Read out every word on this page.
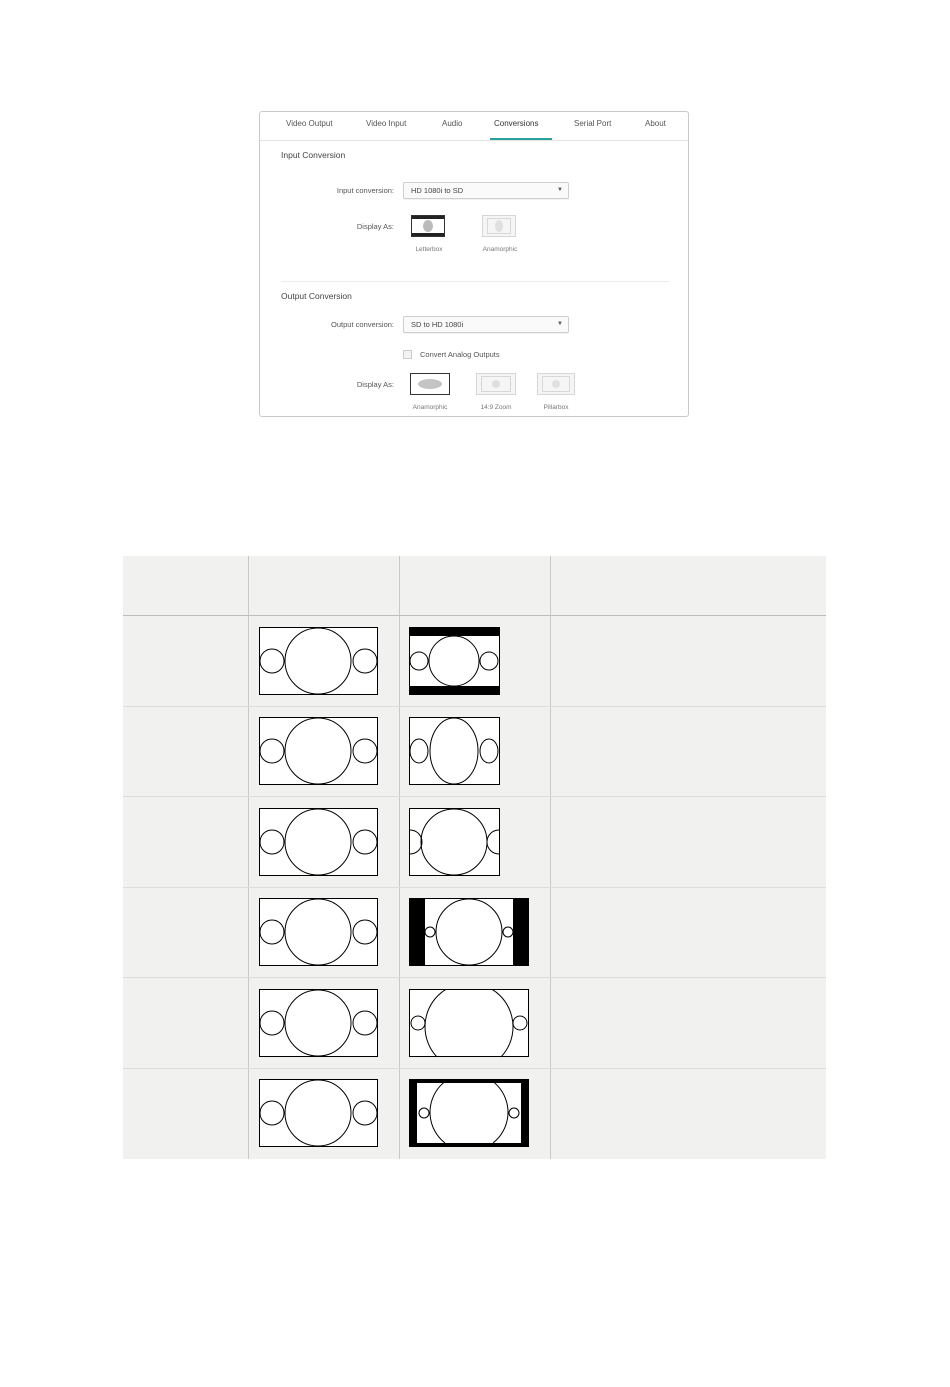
Video Output	Video Input	Audio	Conversions	Serial Port	About
Input Conversion
Input conversion: HD 1080i to SD	▼
Display As:
Letterbox	Anamorphic
Output Conversion
Output conversion: SD to HD 1080i	▼
Convert Analog Outputs
Display As:
Anamorphic	14:9 Zoom	Pillarbox
